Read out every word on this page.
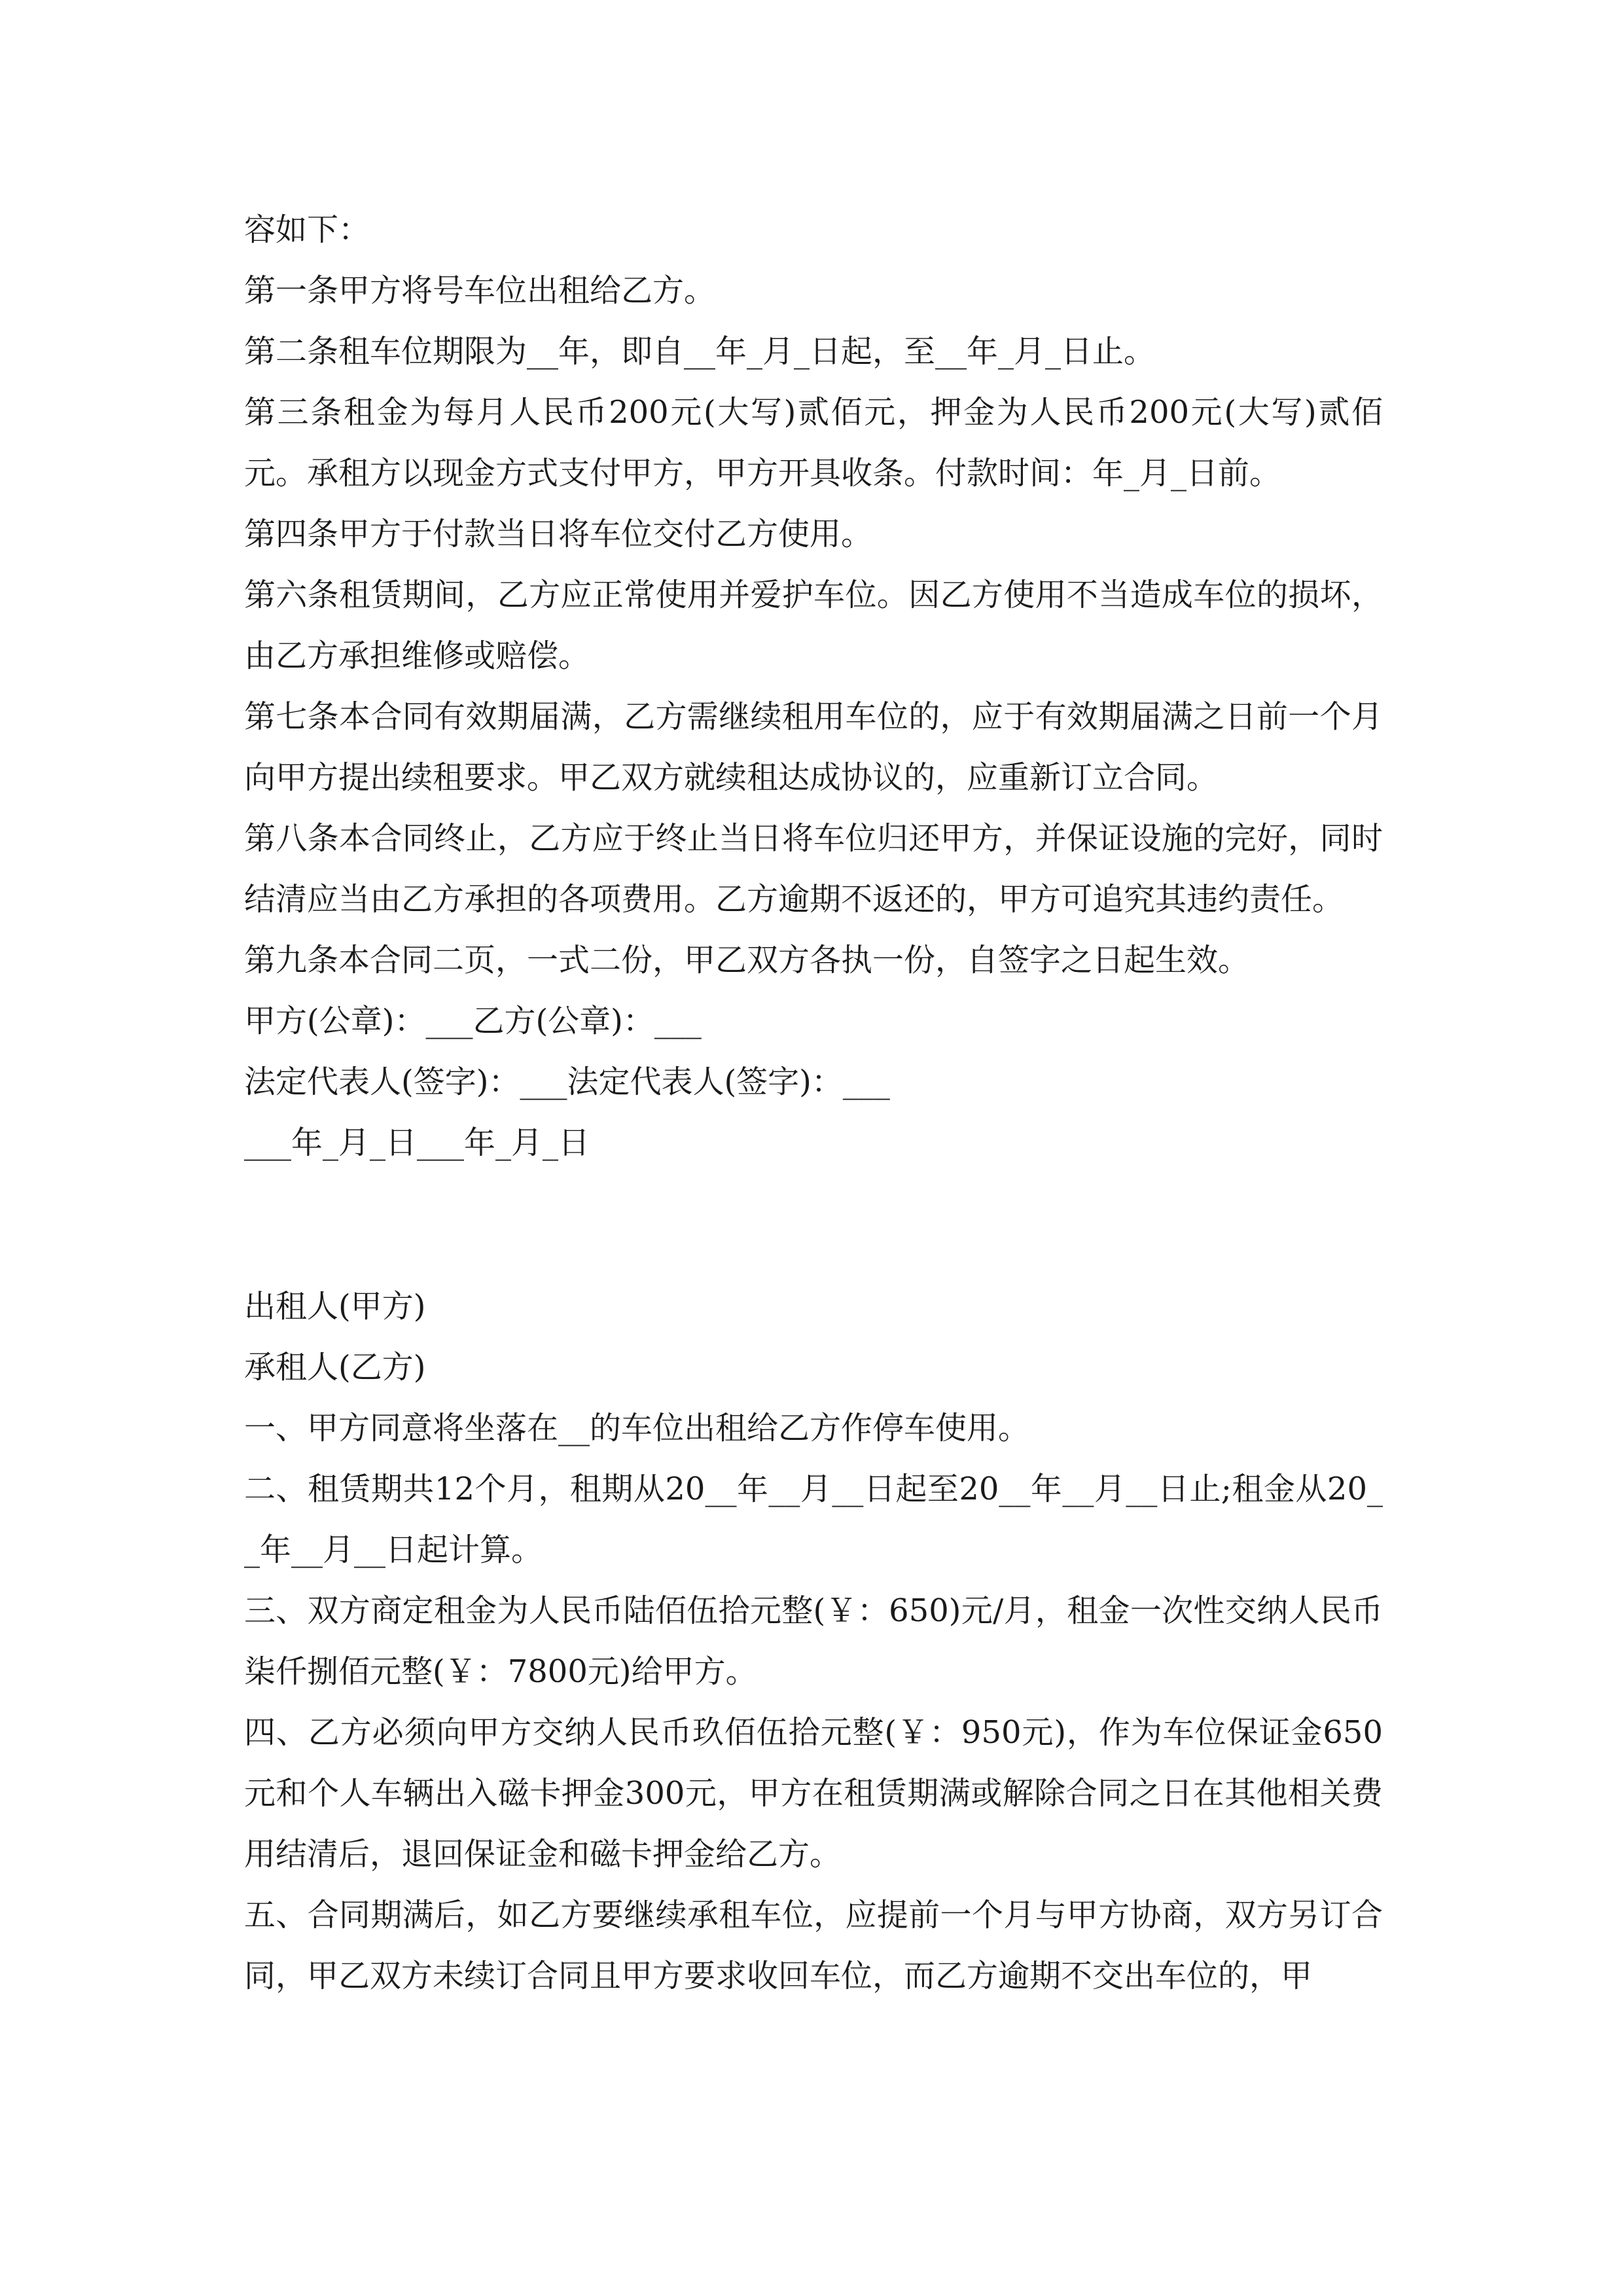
容如下：

第一条甲方将号车位出租给乙方。

第二条租车位期限为__年，即自__年_月_日起，至__年_月_日止。

第三条租金为每月人民币200元(大写)贰佰元，押金为人民币200元(大写)贰佰元。承租方以现金方式支付甲方，甲方开具收条。付款时间：年_月_日前。

第四条甲方于付款当日将车位交付乙方使用。

第六条租赁期间，乙方应正常使用并爱护车位。因乙方使用不当造成车位的损坏，由乙方承担维修或赔偿。

第七条本合同有效期届满，乙方需继续租用车位的，应于有效期届满之日前一个月向甲方提出续租要求。甲乙双方就续租达成协议的，应重新订立合同。

第八条本合同终止，乙方应于终止当日将车位归还甲方，并保证设施的完好，同时结清应当由乙方承担的各项费用。乙方逾期不返还的，甲方可追究其违约责任。

第九条本合同二页，一式二份，甲乙双方各执一份，自签字之日起生效。

甲方(公章)：___乙方(公章)：___

法定代表人(签字)：___法定代表人(签字)：___

___年_月_日___年_月_日

出租人(甲方)

承租人(乙方)

一、甲方同意将坐落在__的车位出租给乙方作停车使用。

二、租赁期共12个月，租期从20__年__月__日起至20__年__月__日止;租金从20__年__月__日起计算。

三、双方商定租金为人民币陆佰伍拾元整(￥：650)元/月，租金一次性交纳人民币柒仟捌佰元整(￥：7800元)给甲方。

四、乙方必须向甲方交纳人民币玖佰伍拾元整(￥：950元)，作为车位保证金650元和个人车辆出入磁卡押金300元，甲方在租赁期满或解除合同之日在其他相关费用结清后，退回保证金和磁卡押金给乙方。

五、合同期满后，如乙方要继续承租车位，应提前一个月与甲方协商，双方另订合同，甲乙双方未续订合同且甲方要求收回车位，而乙方逾期不交出车位的，甲
